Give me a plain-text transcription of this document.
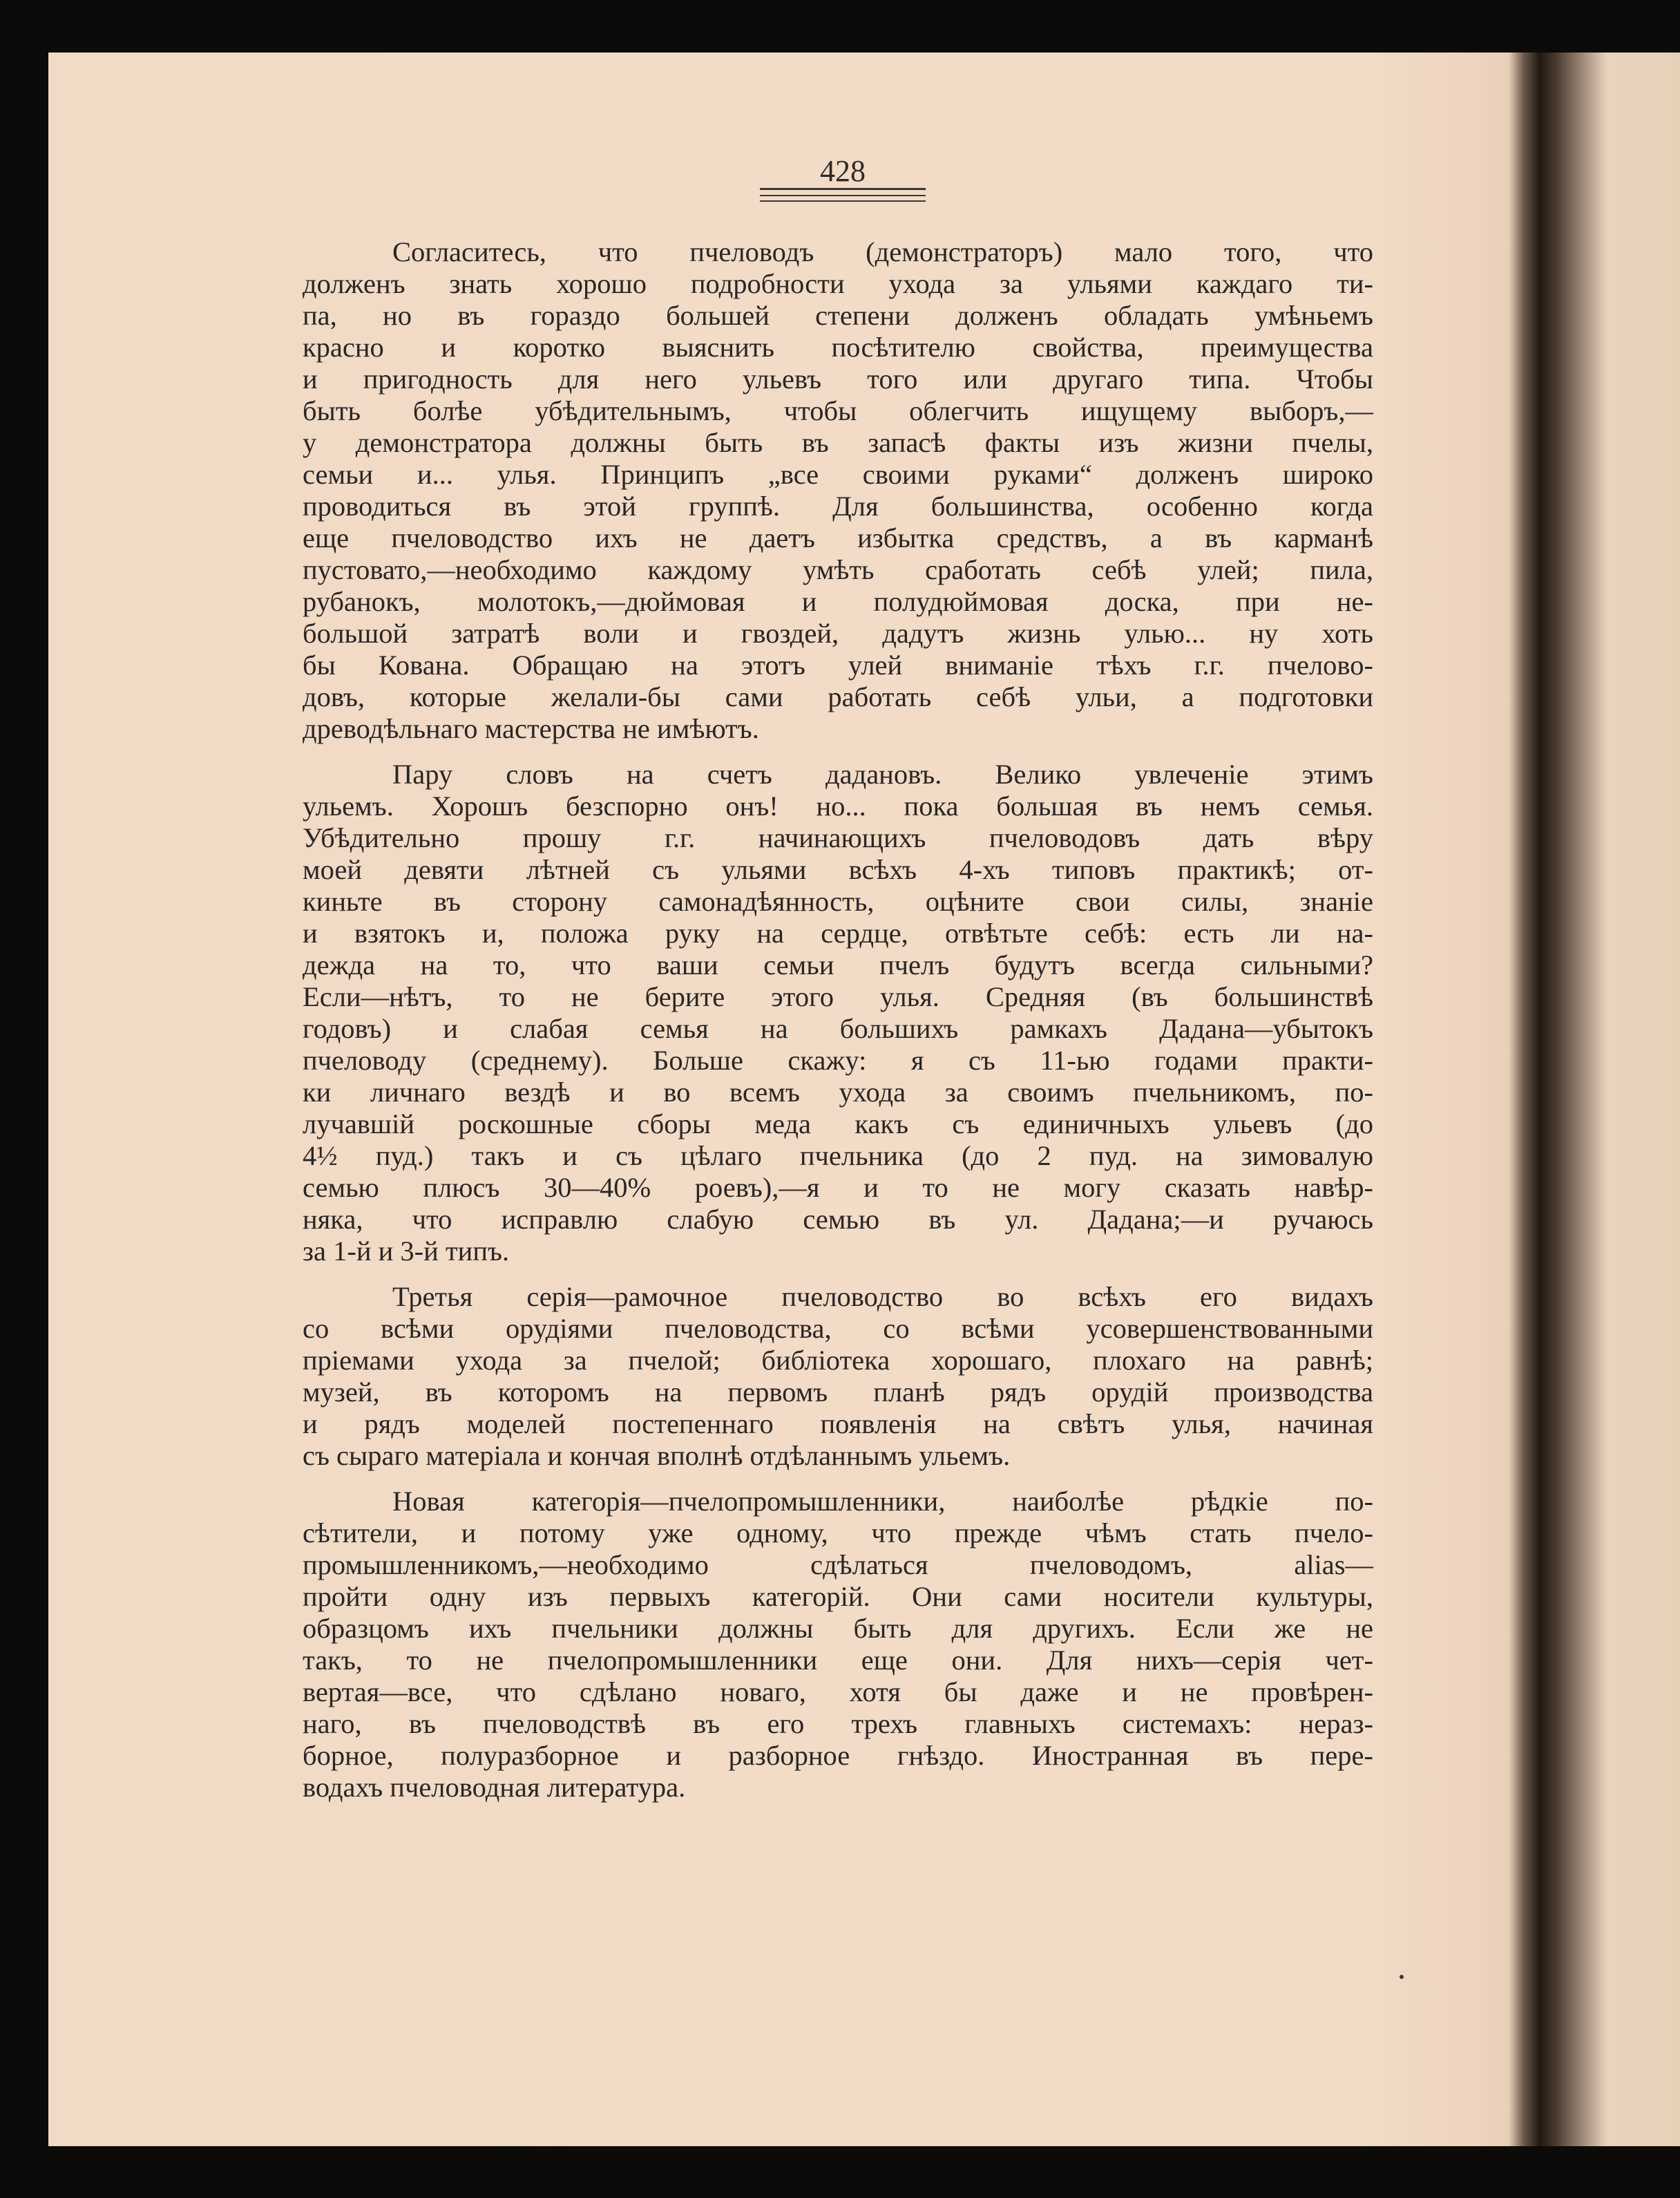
428
Согласитесь, что пчеловодъ (демонстраторъ) мало того, что
долженъ знать хорошо подробности ухода за ульями каждаго ти-
па, но въ гораздо большей степени долженъ обладать умѣньемъ
красно и коротко выяснить посѣтителю свойства, преимущества
и пригодность для него ульевъ того или другаго типа. Чтобы
быть болѣе убѣдительнымъ, чтобы облегчить ищущему выборъ,—
у демонстратора должны быть въ запасѣ факты изъ жизни пчелы,
семьи и... улья. Принципъ „все своими руками“ долженъ широко
проводиться въ этой группѣ. Для большинства, особенно когда
еще пчеловодство ихъ не даетъ избытка средствъ, а въ карманѣ
пустовато,—необходимо каждому умѣть сработать себѣ улей; пила,
рубанокъ, молотокъ,—дюймовая и полудюймовая доска, при не-
большой затратѣ воли и гвоздей, дадутъ жизнь улью... ну хоть
бы Кована. Обращаю на этотъ улей вниманіе тѣхъ г.г. пчелово-
довъ, которые желали-бы сами работать себѣ ульи, а подготовки
древодѣльнаго мастерства не имѣютъ.
Пару словъ на счетъ дадановъ. Велико увлеченіе этимъ
ульемъ. Хорошъ безспорно онъ! но... пока большая въ немъ семья.
Убѣдительно прошу г.г. начинающихъ пчеловодовъ дать вѣру
моей девяти лѣтней съ ульями всѣхъ 4-хъ типовъ практикѣ; от-
киньте въ сторону самонадѣянность, оцѣните свои силы, знаніе
и взятокъ и, положа руку на сердце, отвѣтьте себѣ: есть ли на-
дежда на то, что ваши семьи пчелъ будутъ всегда сильными?
Если—нѣтъ, то не берите этого улья. Средняя (въ большинствѣ
годовъ) и слабая семья на большихъ рамкахъ Дадана—убытокъ
пчеловоду (среднему). Больше скажу: я съ 11-ью годами практи-
ки личнаго вездѣ и во всемъ ухода за своимъ пчельникомъ, по-
лучавшій роскошные сборы меда какъ съ единичныхъ ульевъ (до
4½ пуд.) такъ и съ цѣлаго пчельника (до 2 пуд. на зимовалую
семью плюсъ 30—40% роевъ),—я и то не могу сказать навѣр-
няка, что исправлю слабую семью въ ул. Дадана;—и ручаюсь
за 1-й и 3-й типъ.
Третья серія—рамочное пчеловодство во всѣхъ его видахъ
со всѣми орудіями пчеловодства, со всѣми усовершенствованными
пріемами ухода за пчелой; библіотека хорошаго, плохаго на равнѣ;
музей, въ которомъ на первомъ планѣ рядъ орудій производства
и рядъ моделей постепеннаго появленія на свѣтъ улья, начиная
съ сыраго матеріала и кончая вполнѣ отдѣланнымъ ульемъ.
Новая категорія—пчелопромышленники, наиболѣе рѣдкіе по-
сѣтители, и потому уже одному, что прежде чѣмъ стать пчело-
промышленникомъ,—необходимо сдѣлаться пчеловодомъ, alias—
пройти одну изъ первыхъ категорій. Они сами носители культуры,
образцомъ ихъ пчельники должны быть для другихъ. Если же не
такъ, то не пчелопромышленники еще они. Для нихъ—серія чет-
вертая—все, что сдѣлано новаго, хотя бы даже и не провѣрен-
наго, въ пчеловодствѣ въ его трехъ главныхъ системахъ: нераз-
борное, полуразборное и разборное гнѣздо. Иностранная въ пере-
водахъ пчеловодная литература.
